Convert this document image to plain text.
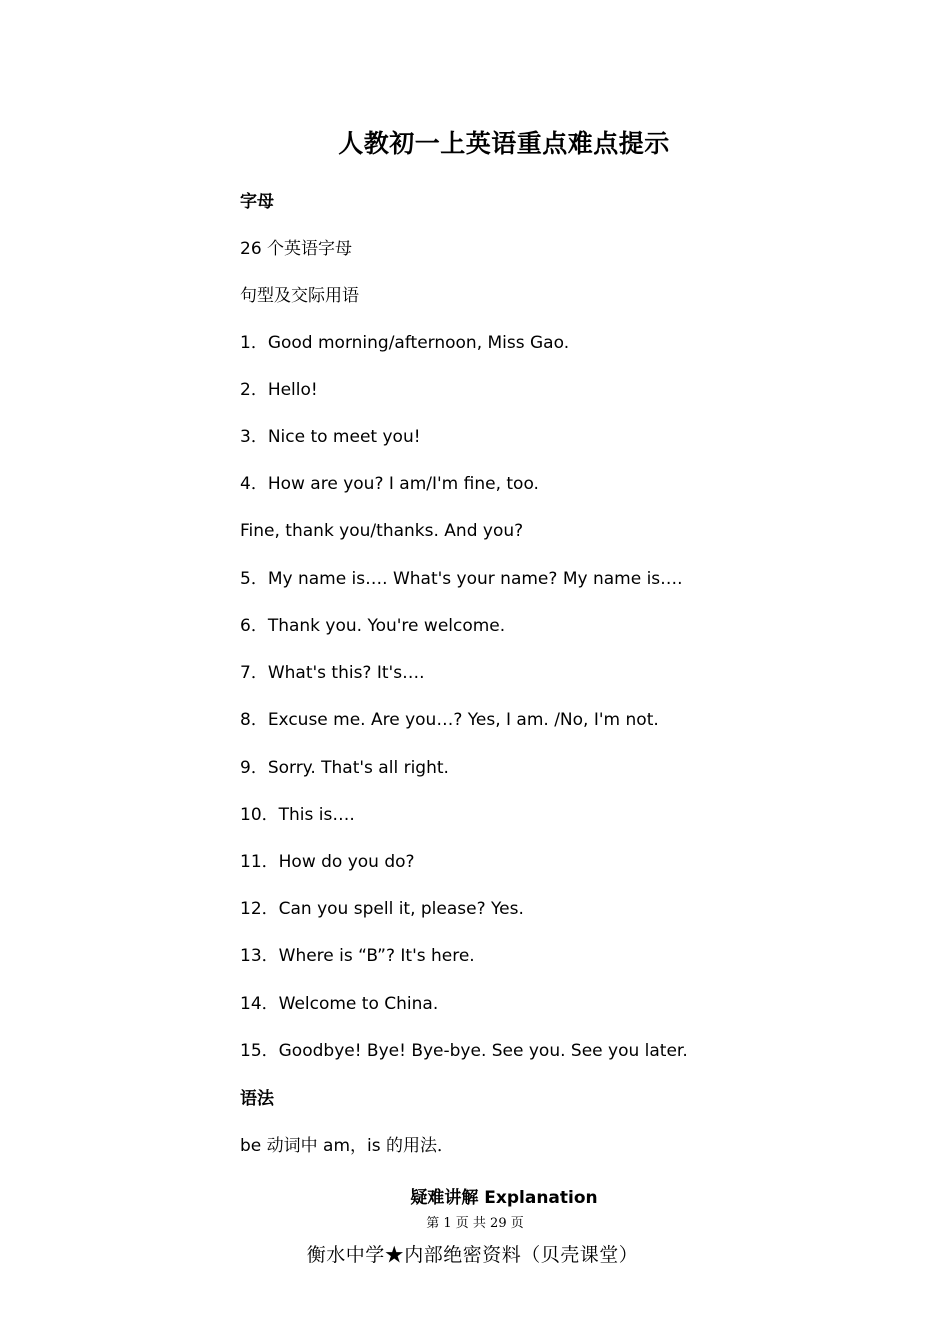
人教初一上英语重点难点提示
字母
26 个英语字母
句型及交际用语
1．Good morning/afternoon, Miss Gao.
2．Hello!
3．Nice to meet you!
4．How are you? I am/I'm fine, too.
Fine, thank you/thanks. And you?
5．My name is…. What's your name? My name is….
6．Thank you. You're welcome.
7．What's this? It's….
8．Excuse me. Are you…? Yes, I am. /No, I'm not.
9．Sorry. That's all right.
10．This is….
11．How do you do?
12．Can you spell it, please? Yes.
13．Where is “B”? It's here.
14．Welcome to China.
15．Goodbye! Bye! Bye-bye. See you. See you later.
语法
be 动词中 am，is 的用法．
疑难讲解 Explanation
第 1 页 共 29 页
衡水中学★内部绝密资料（贝壳课堂）
